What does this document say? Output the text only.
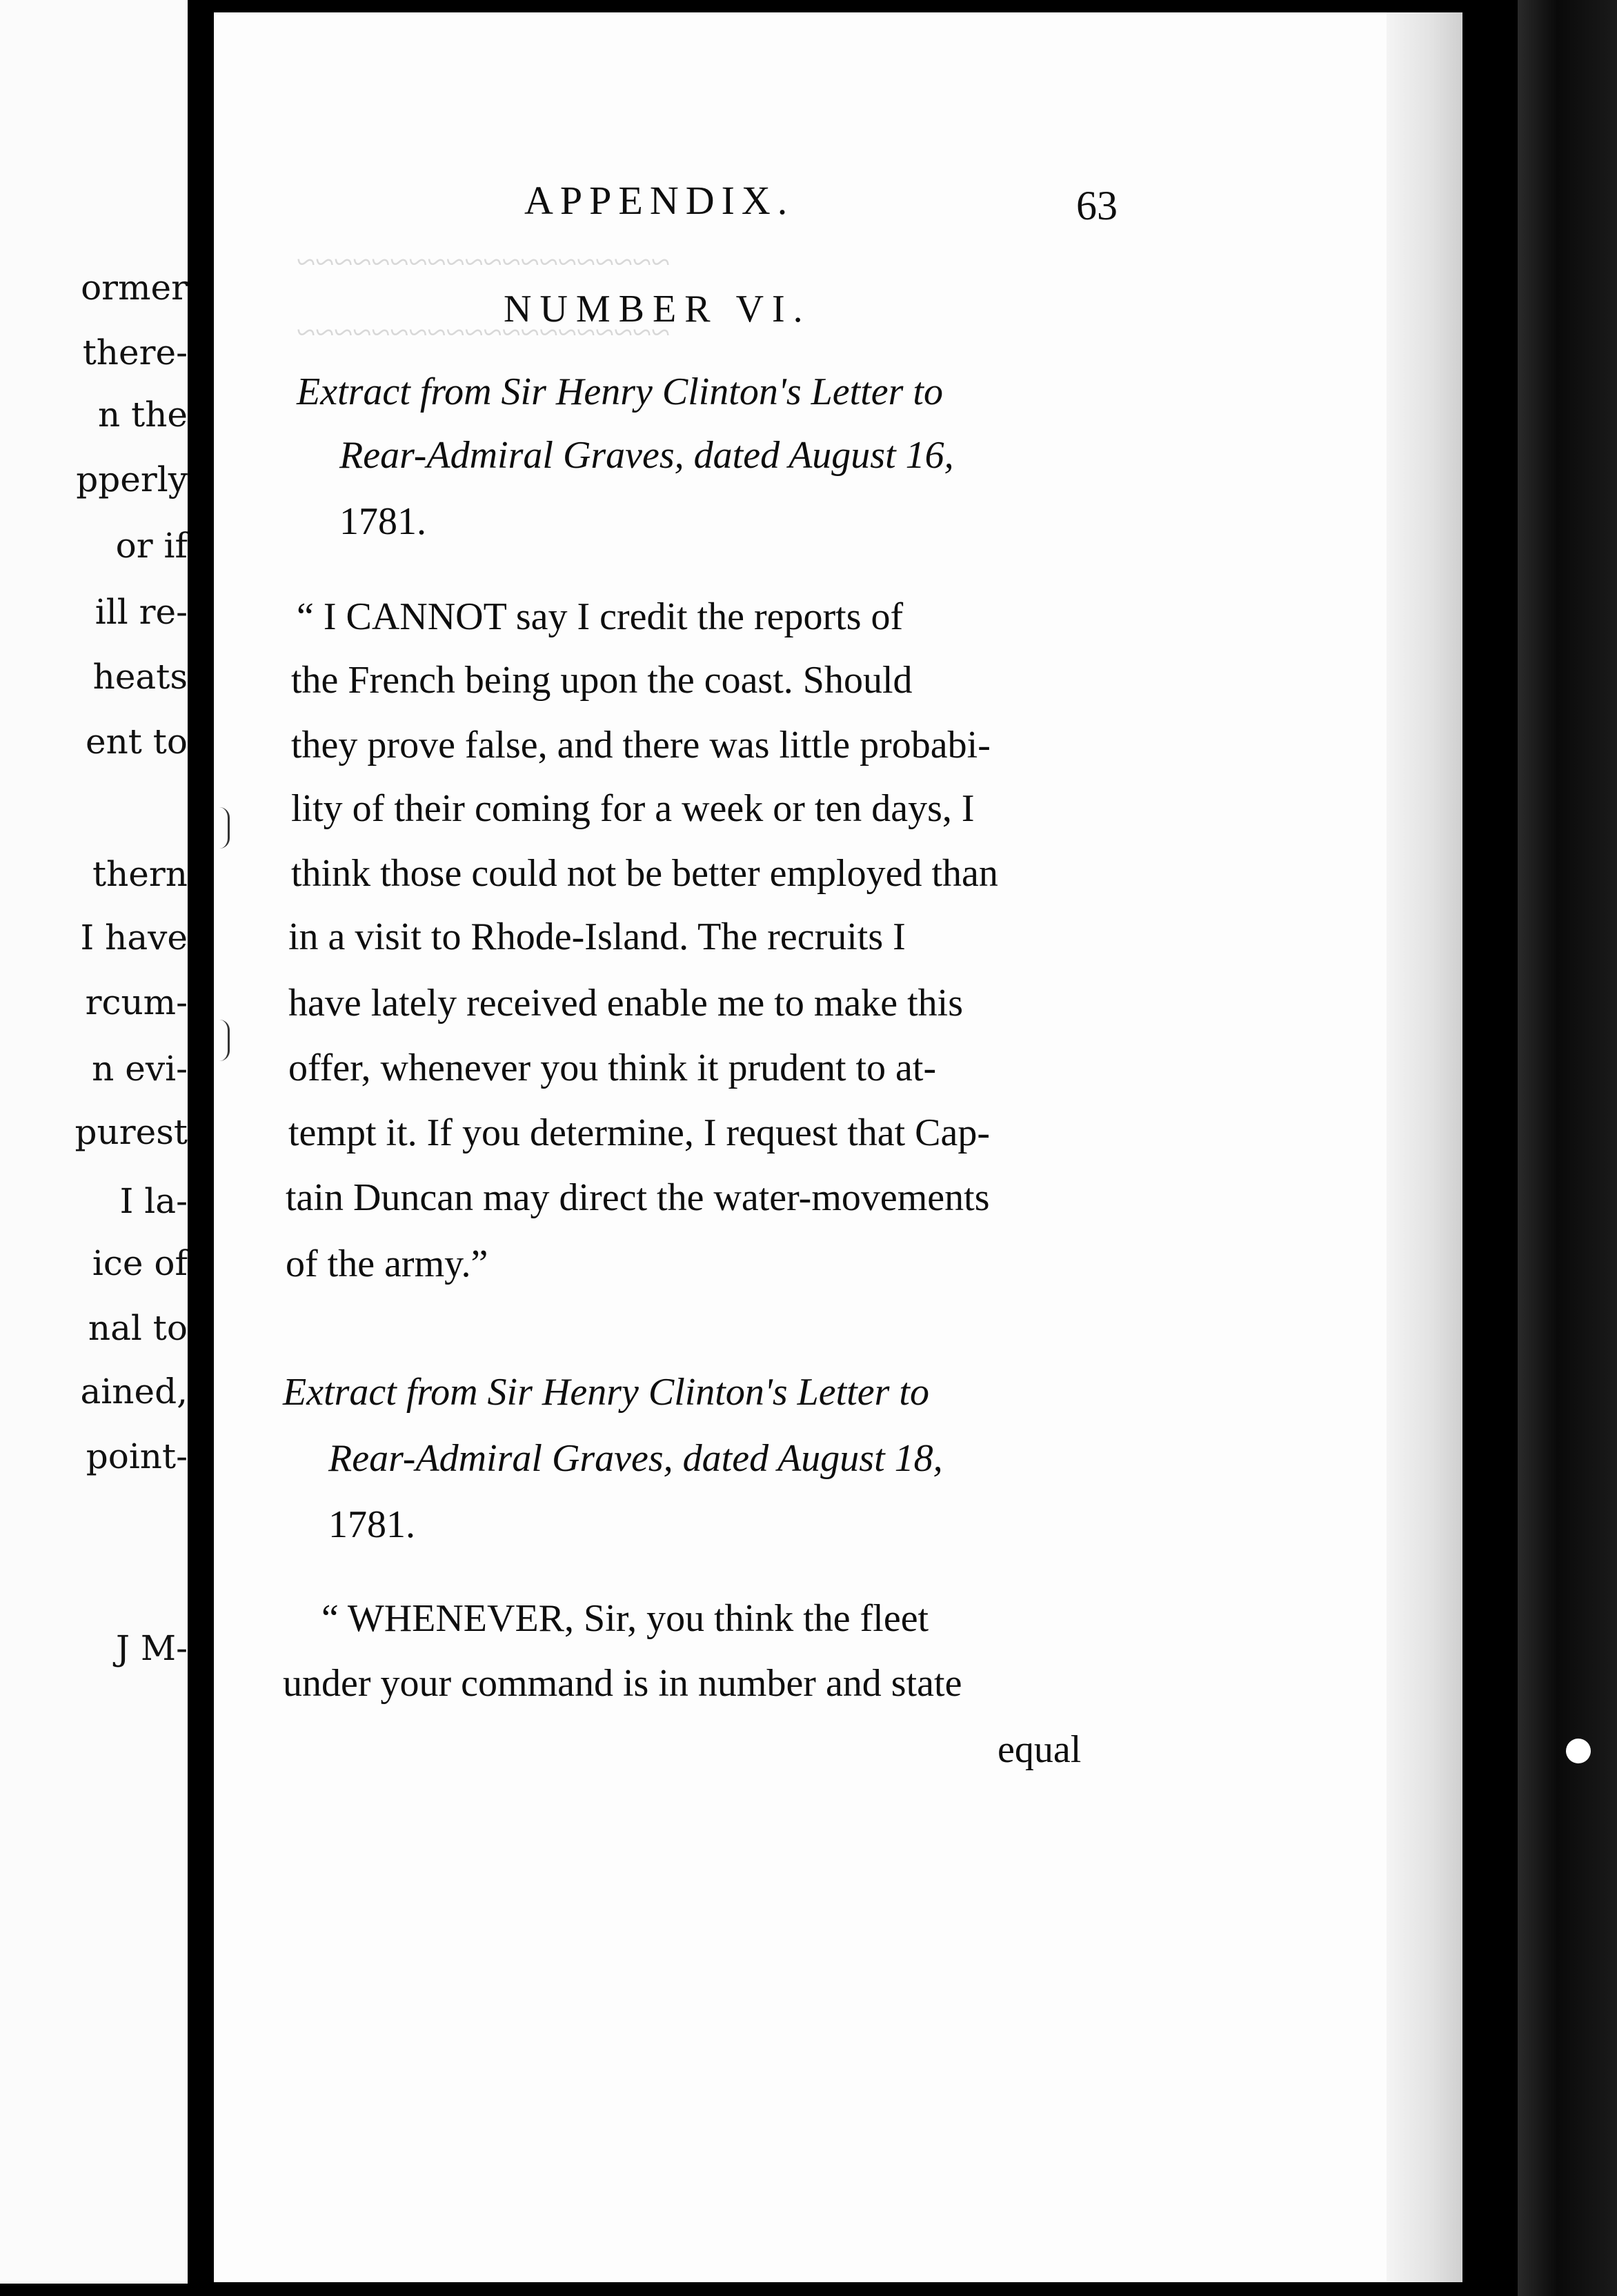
ormer
there-
n the
pperly
or if
ill re-
heats
ent to
thern
I have
rcum-
n evi-
purest
I la-
ice of
nal to
ained,
point-
J M-
~~~~~~~~~~~~~~~~~~~~
~~~~~~~~~~~~~~~~~~~~
APPENDIX.	63
NUMBER VI.
Extract from Sir Henry Clinton's Letter to
Rear-Admiral Graves, dated August 16,
1781.
“ I CANNOT say I credit the reports of
the French being upon the coast. Should
they prove false, and there was little probabi-
lity of their coming for a week or ten days, I
think those could not be better employed than
in a visit to Rhode-Island. The recruits I
have lately received enable me to make this
offer, whenever you think it prudent to at-
tempt it. If you determine, I request that Cap-
tain Duncan may direct the water-movements
of the army.”
Extract from Sir Henry Clinton's Letter to
Rear-Admiral Graves, dated August 18,
1781.
“ WHENEVER, Sir, you think the fleet
under your command is in number and state
equal
